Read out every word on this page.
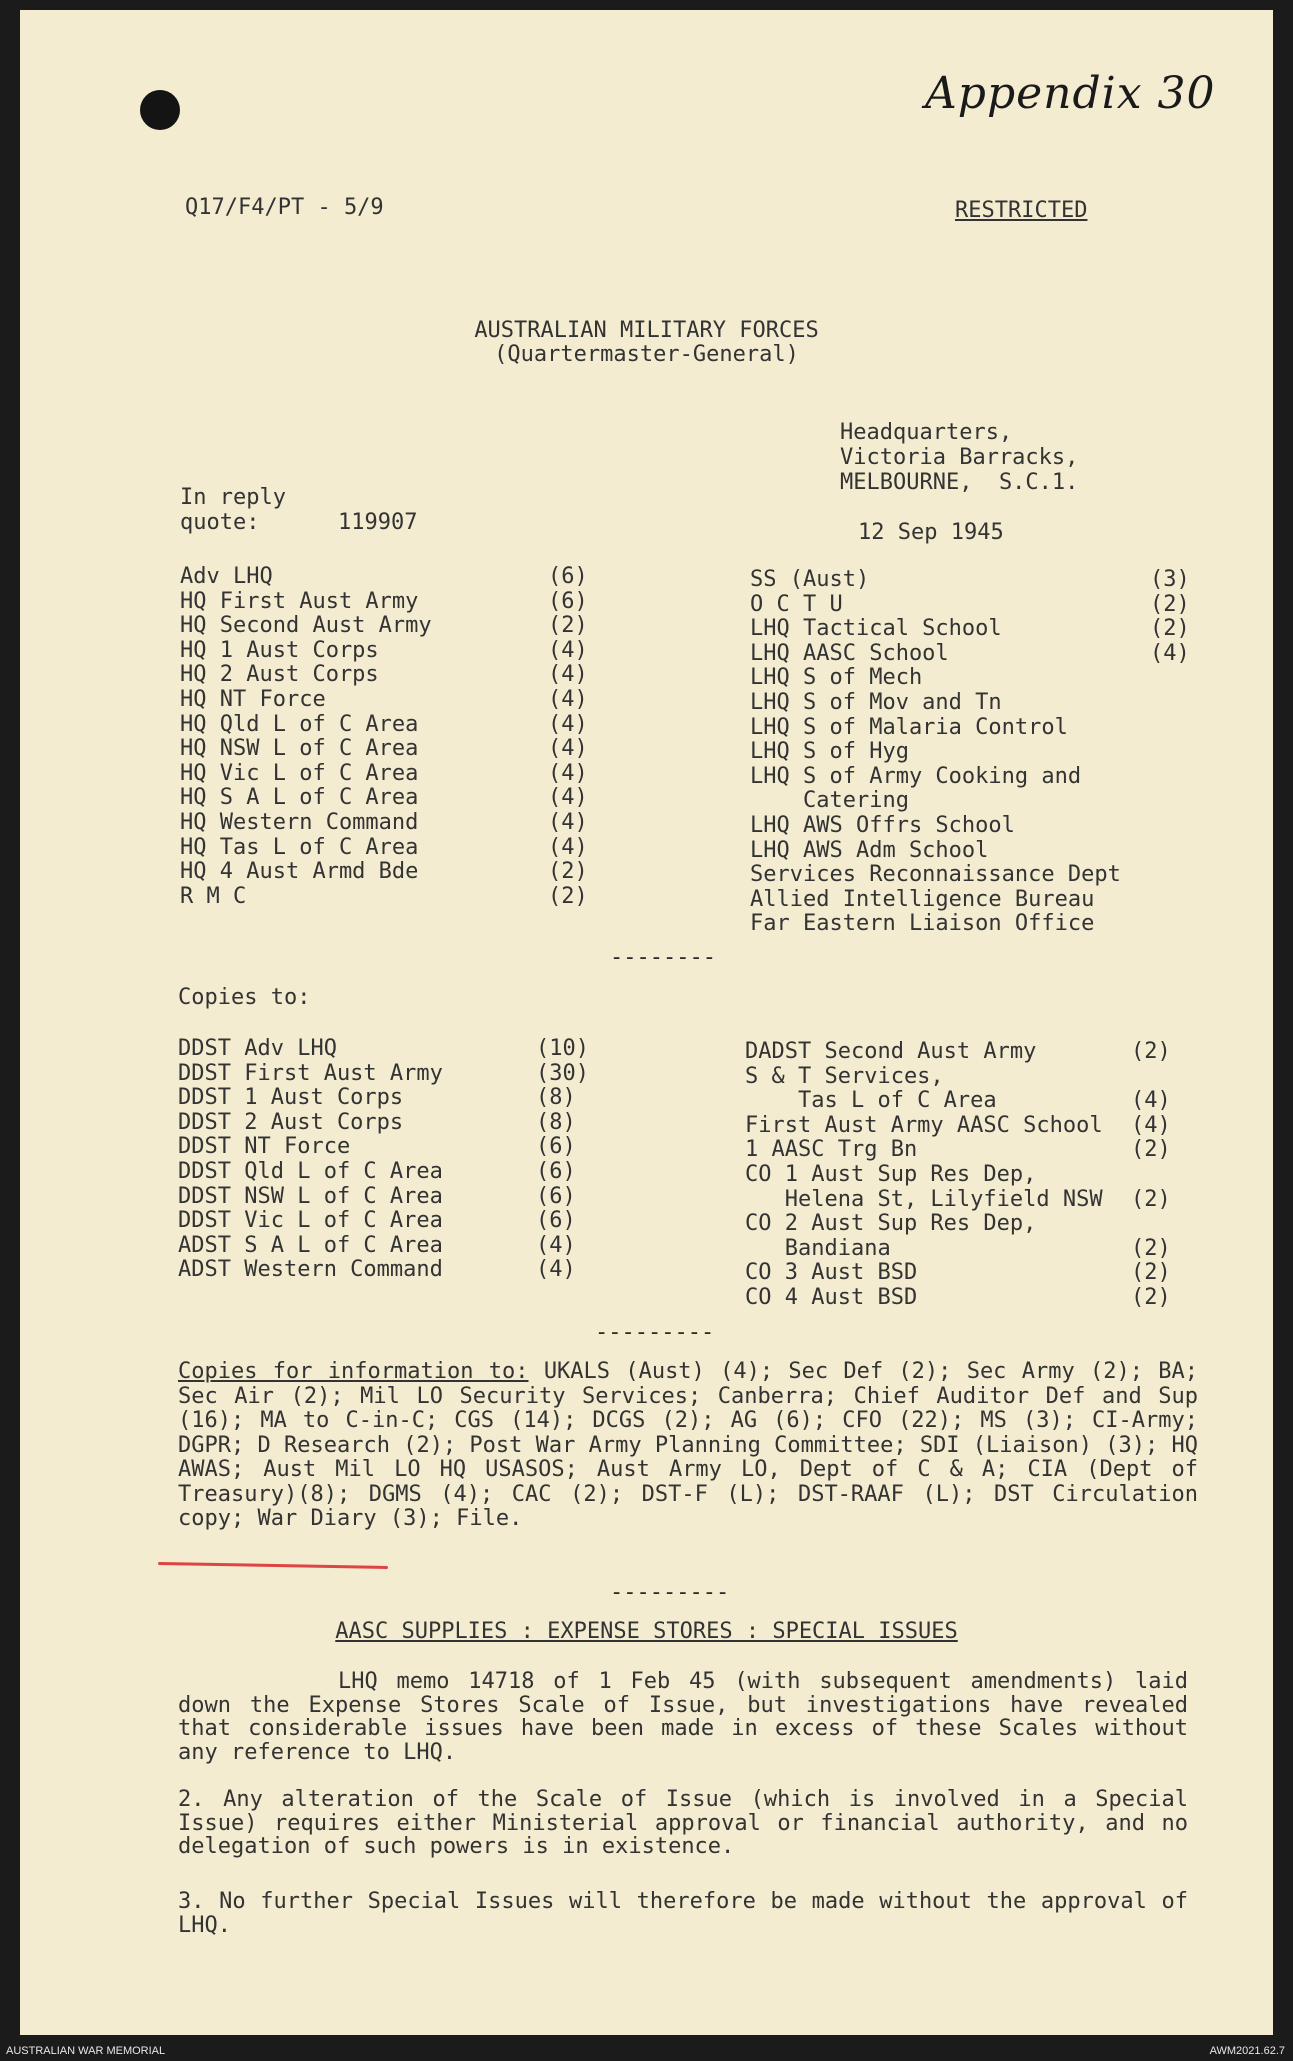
Appendix 30
Q17/F4/PT - 5/9	RESTRICTED
AUSTRALIAN MILITARY FORCES
(Quartermaster-General)
Headquarters,
Victoria Barracks,
MELBOURNE,  S.C.1.
In reply
quote:	119907	12 Sep 1945
Adv LHQ	(6)
HQ First Aust Army	(6)
HQ Second Aust Army	(2)
HQ 1 Aust Corps	(4)
HQ 2 Aust Corps	(4)
HQ NT Force	(4)
HQ Qld L of C Area	(4)
HQ NSW L of C Area	(4)
HQ Vic L of C Area	(4)
HQ S A L of C Area	(4)
HQ Western Command	(4)
HQ Tas L of C Area	(4)
HQ 4 Aust Armd Bde	(2)
R M C	(2)
SS (Aust)	(3)
O C T U	(2)
LHQ Tactical School	(2)
LHQ AASC School	(4)
LHQ S of Mech
LHQ S of Mov and Tn
LHQ S of Malaria Control
LHQ S of Hyg
LHQ S of Army Cooking and
Catering
LHQ AWS Offrs School
LHQ AWS Adm School
Services Reconnaissance Dept
Allied Intelligence Bureau
Far Eastern Liaison Office
--------
Copies to:
DDST Adv LHQ	(10)
DDST First Aust Army	(30)
DDST 1 Aust Corps	(8)
DDST 2 Aust Corps	(8)
DDST NT Force	(6)
DDST Qld L of C Area	(6)
DDST NSW L of C Area	(6)
DDST Vic L of C Area	(6)
ADST S A L of C Area	(4)
ADST Western Command	(4)
DADST Second Aust Army	(2)
S & T Services,
Tas L of C Area	(4)
First Aust Army AASC School (4)
1 AASC Trg Bn	(2)
CO 1 Aust Sup Res Dep,
Helena St, Lilyfield NSW (2)
CO 2 Aust Sup Res Dep,
Bandiana	(2)
CO 3 Aust BSD	(2)
CO 4 Aust BSD	(2)
---------
Copies for information to: UKALS (Aust) (4); Sec Def (2); Sec Army (2); BA; Sec Air (2); Mil LO Security Services; Canberra; Chief Auditor Def and Sup (16); MA to C-in-C; CGS (14); DCGS (2); AG (6); CFO (22); MS (3); CI-Army; DGPR; D Research (2); Post War Army Planning Committee; SDI (Liaison) (3); HQ AWAS; Aust Mil LO HQ USASOS; Aust Army LO, Dept of C & A; CIA (Dept of Treasury)(8); DGMS (4); CAC (2); DST-F (L); DST-RAAF (L); DST Circulation copy; War Diary (3); File.
---------
AASC SUPPLIES : EXPENSE STORES : SPECIAL ISSUES
LHQ memo 14718 of 1 Feb 45 (with subsequent amendments) laid down the Expense Stores Scale of Issue, but investigations have revealed that considerable issues have been made in excess of these Scales without any reference to LHQ.
2. Any alteration of the Scale of Issue (which is involved in a Special Issue) requires either Ministerial approval or financial authority, and no delegation of such powers is in existence.
3. No further Special Issues will therefore be made without the approval of LHQ.
AUSTRALIAN WAR MEMORIAL	AWM2021.62.7
